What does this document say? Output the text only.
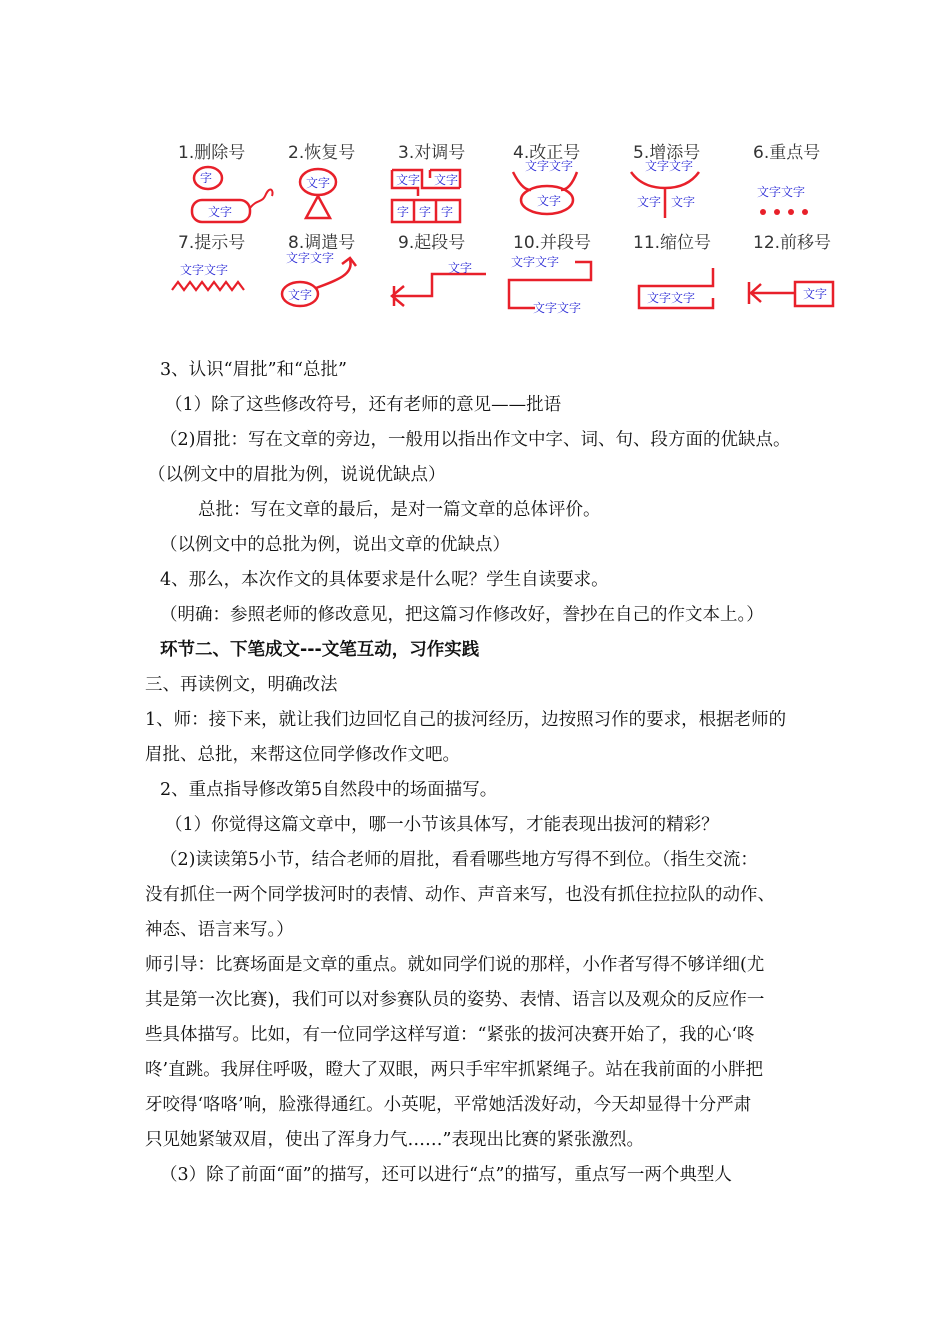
1.删除号
字
文字
2.恢复号
文字
3.对调号
文字 文字
字 字 字
4.改正号
文字文字
文字
5.增添号
文字文字
文字 文字
6.重点号
文字文字
7.提示号
文字文字
8.调遣号
文字文字
文字
9.起段号
文字
10.并段号
文字文字
文字文字
11.缩位号
文字文字
12.前移号
文字
3、认识“眉批”和“总批”
（1）除了这些修改符号，还有老师的意见——批语
（2)眉批：写在文章的旁边，一般用以指出作文中字、词、句、段方面的优缺点。
（以例文中的眉批为例，说说优缺点）
总批：写在文章的最后，是对一篇文章的总体评价。
（以例文中的总批为例，说出文章的优缺点）
4、那么，本次作文的具体要求是什么呢？学生自读要求。
（明确：参照老师的修改意见，把这篇习作修改好，誊抄在自己的作文本上。）
环节二、下笔成文---文笔互动，习作实践
三、再读例文，明确改法
1、师：接下来，就让我们边回忆自己的拔河经历，边按照习作的要求，根据老师的
眉批、总批，来帮这位同学修改作文吧。
2、重点指导修改第5自然段中的场面描写。
（1）你觉得这篇文章中，哪一小节该具体写，才能表现出拔河的精彩？
（2)读读第5小节，结合老师的眉批，看看哪些地方写得不到位。（指生交流：
没有抓住一两个同学拔河时的表情、动作、声音来写，也没有抓住拉拉队的动作、
神态、语言来写。）
师引导：比赛场面是文章的重点。就如同学们说的那样，小作者写得不够详细(尤
其是第一次比赛)，我们可以对参赛队员的姿势、表情、语言以及观众的反应作一
些具体描写。比如，有一位同学这样写道：“紧张的拔河决赛开始了，我的心‘咚
咚’直跳。我屏住呼吸，瞪大了双眼，两只手牢牢抓紧绳子。站在我前面的小胖把
牙咬得‘咯咯’响，脸涨得通红。小英呢，平常她活泼好动，今天却显得十分严肃
只见她紧皱双眉，使出了浑身力气……”表现出比赛的紧张激烈。
（3）除了前面“面”的描写，还可以进行“点”的描写，重点写一两个典型人
